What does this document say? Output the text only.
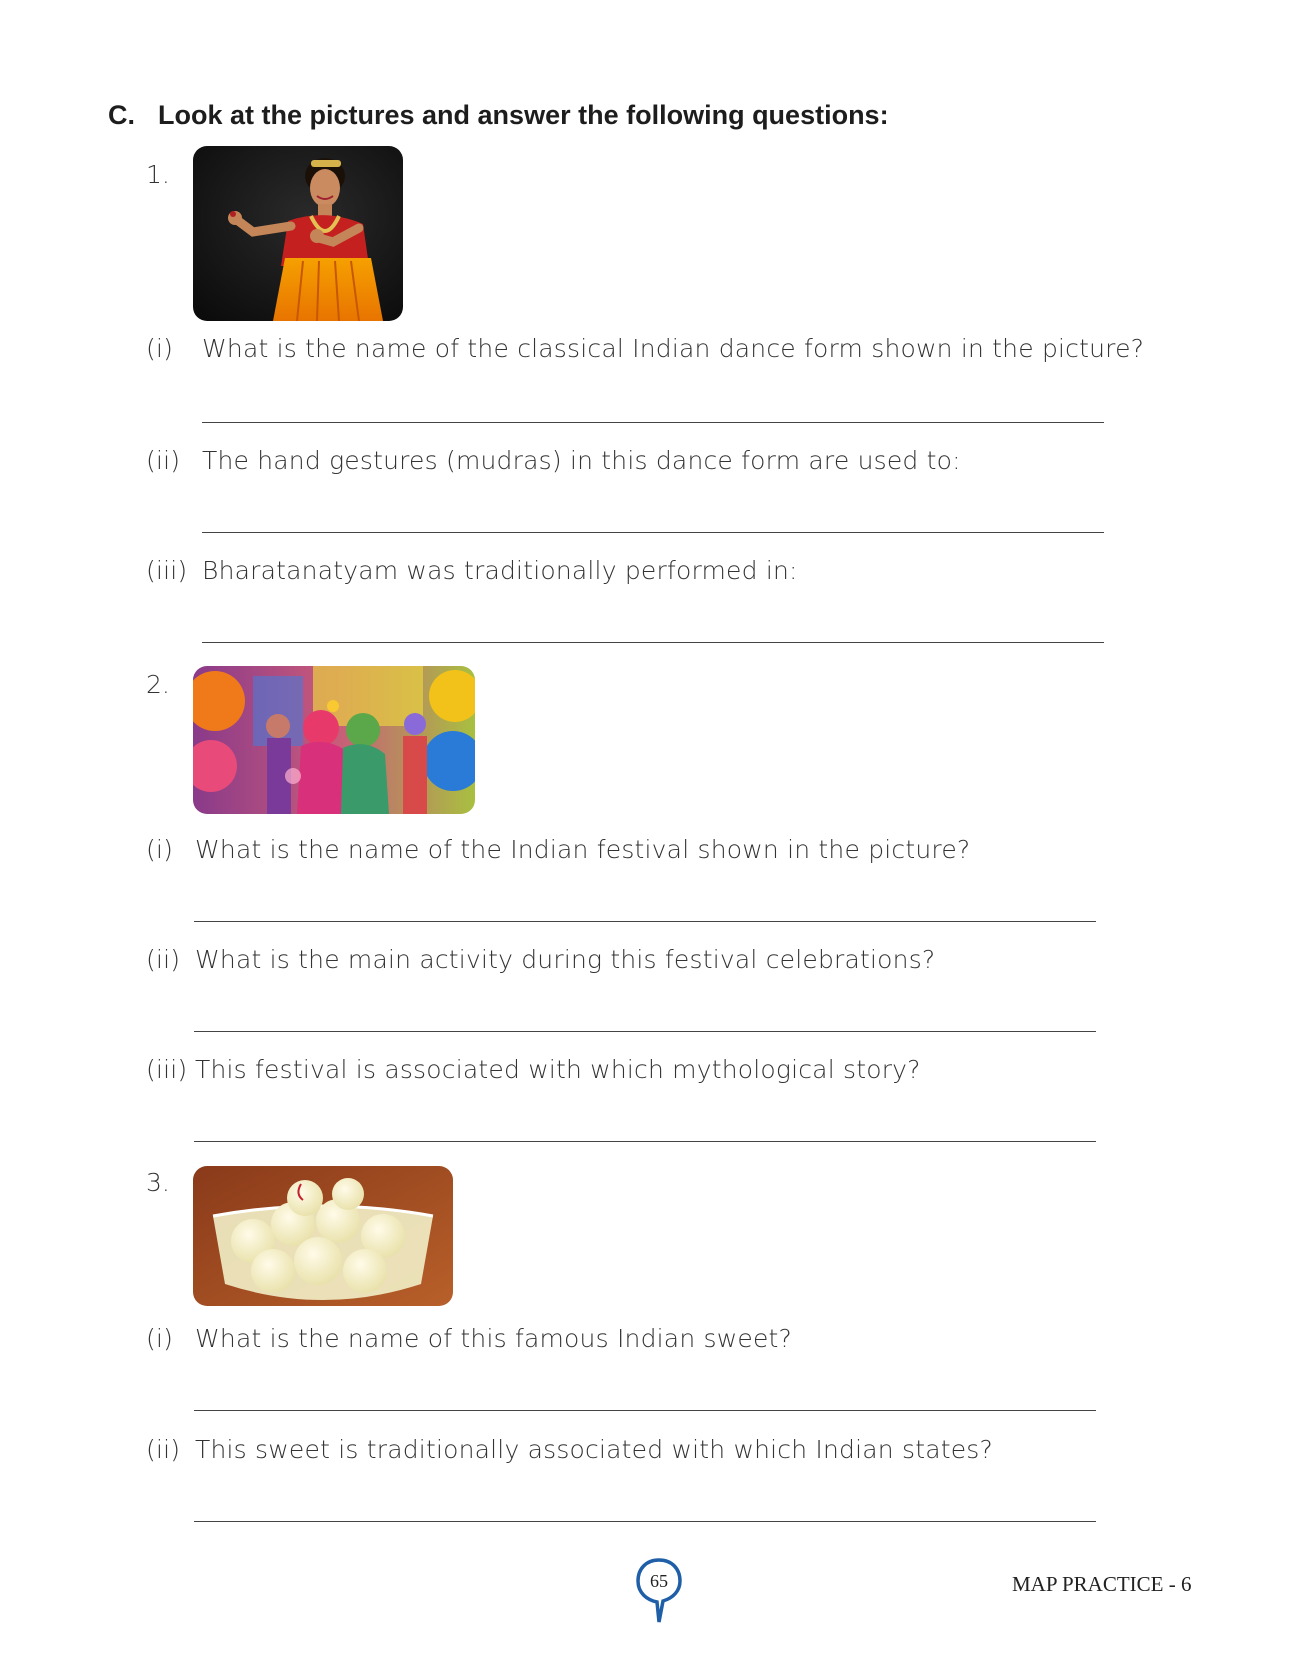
C. Look at the pictures and answer the following questions:
1.
(i) What is the name of the classical Indian dance form shown in the picture?
(ii) The hand gestures (mudras) in this dance form are used to:
(iii) Bharatanatyam was traditionally performed in:
2.
(i) What is the name of the Indian festival shown in the picture?
(ii) What is the main activity during this festival celebrations?
(iii) This festival is associated with which mythological story?
3.
(i) What is the name of this famous Indian sweet?
(ii) This sweet is traditionally associated with which Indian states?
65	MAP PRACTICE - 6
